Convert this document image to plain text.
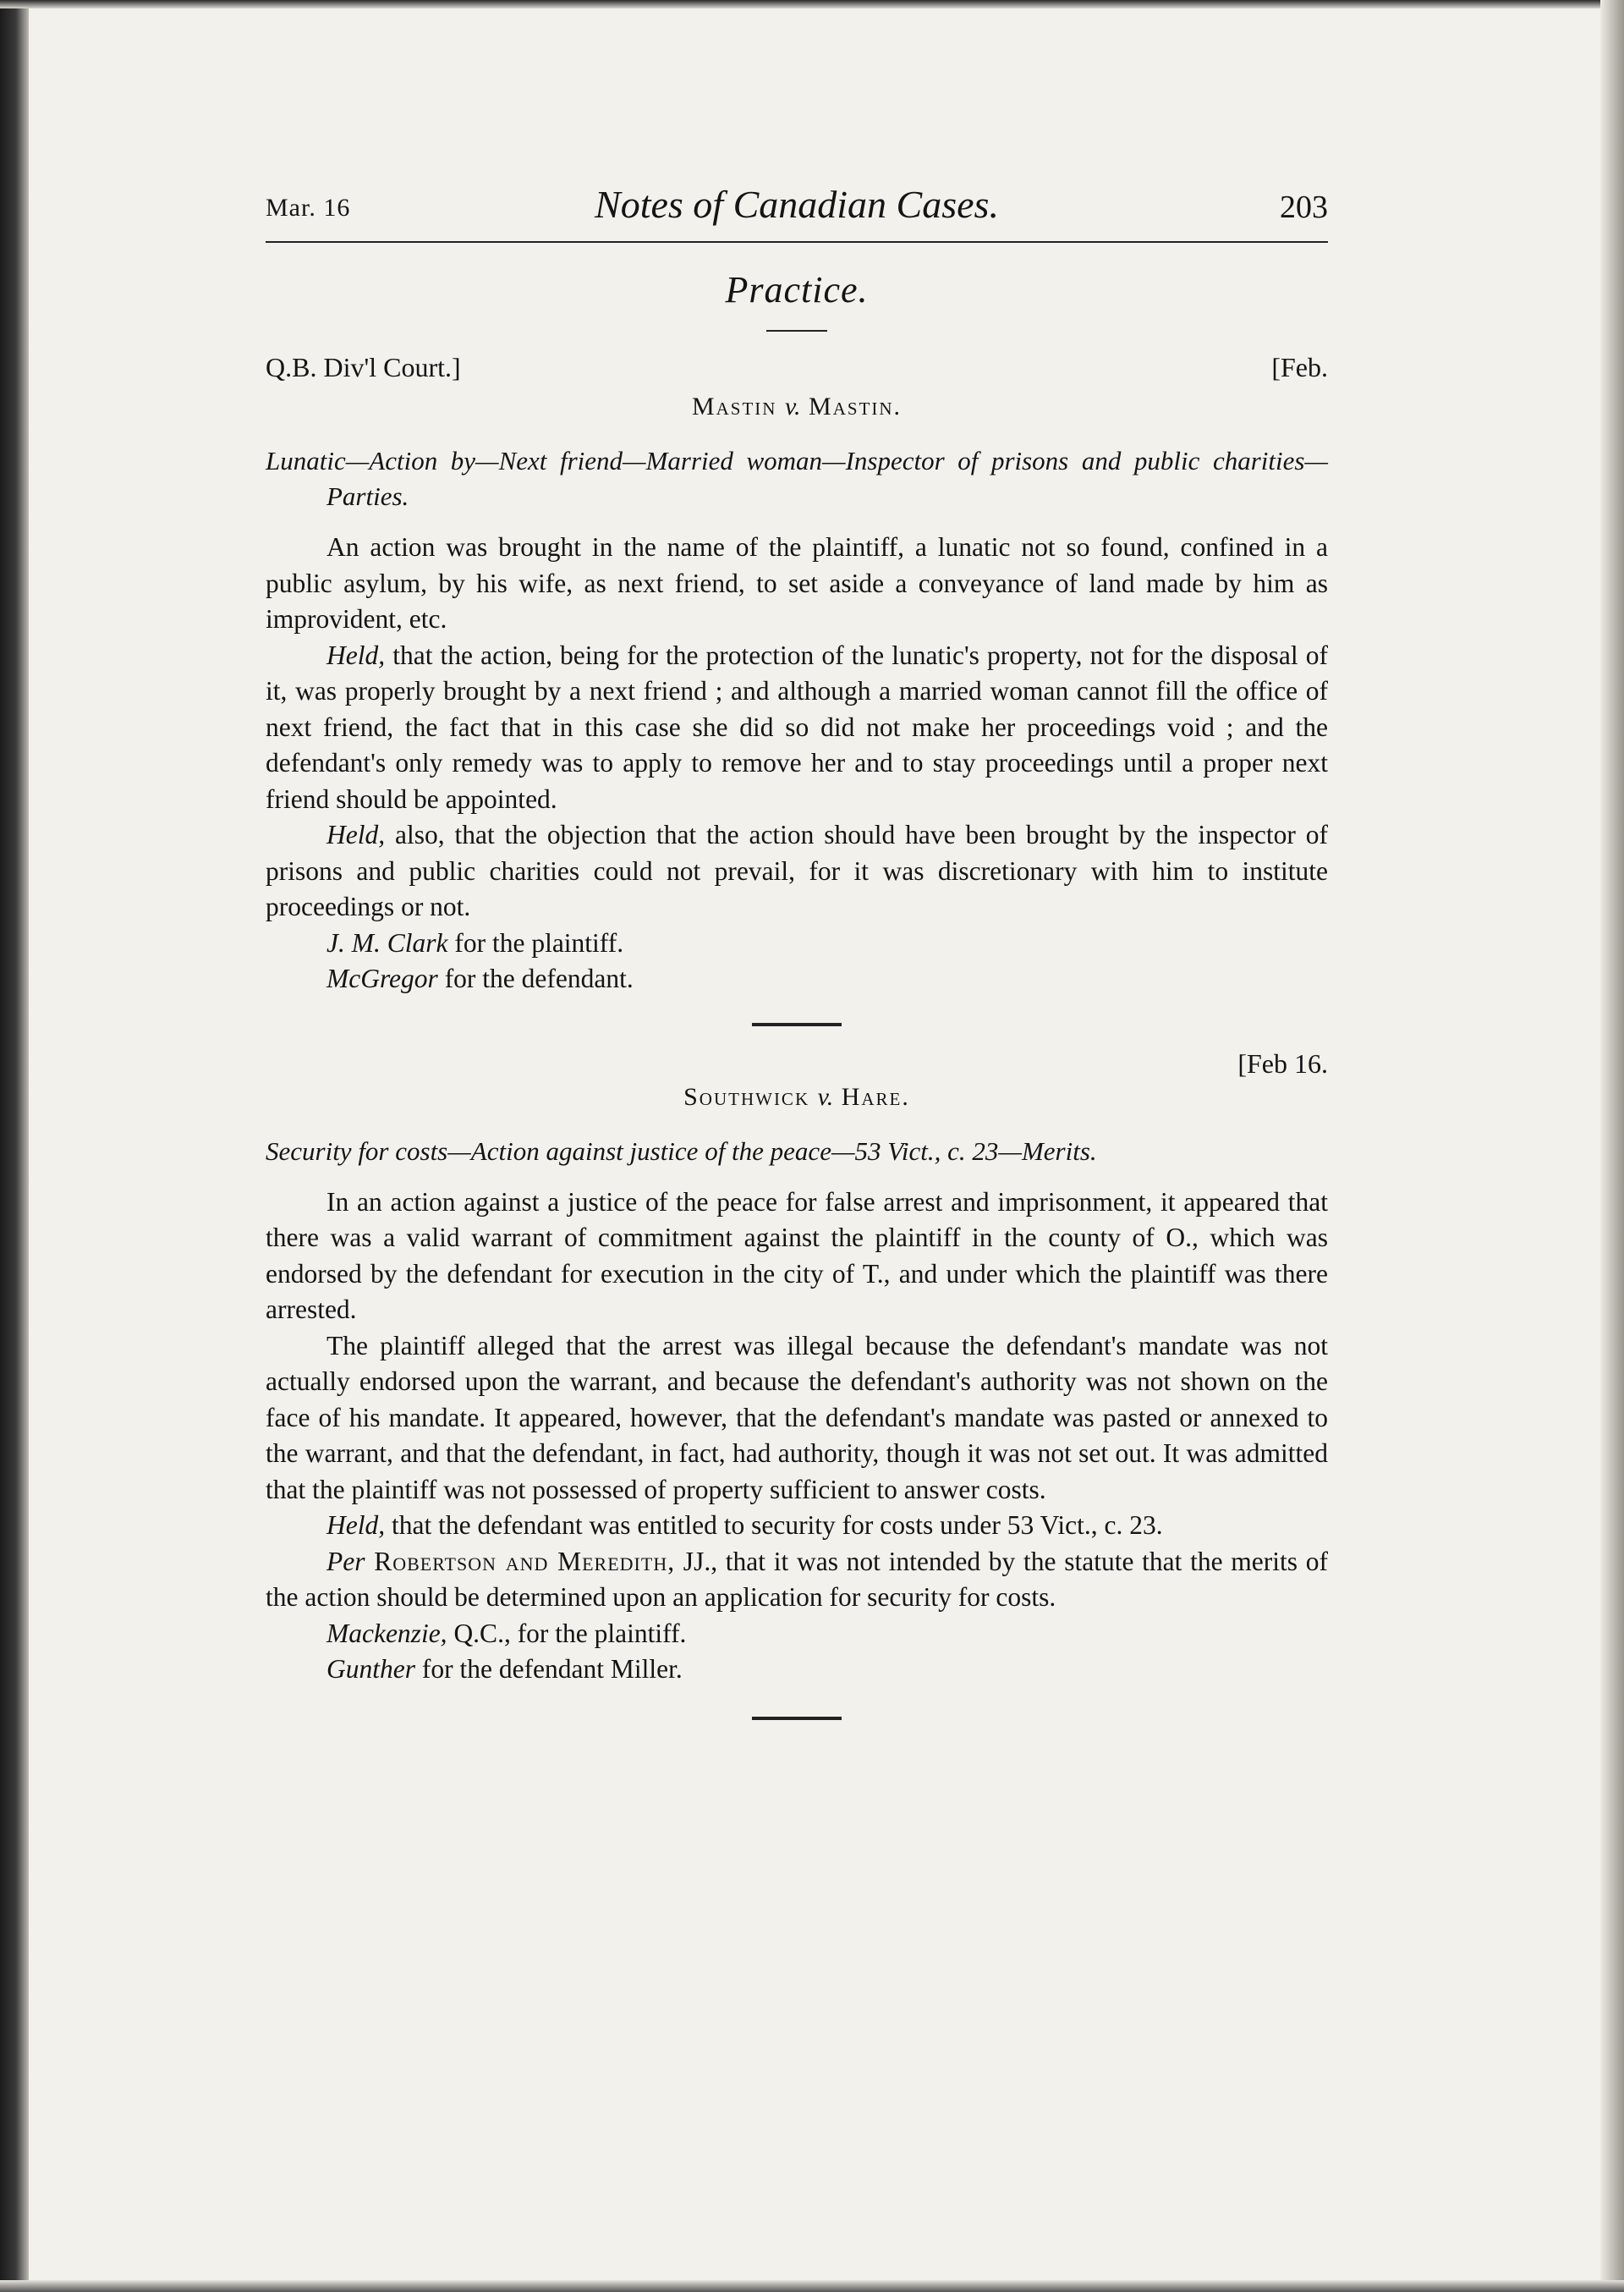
Mar. 16	Notes of Canadian Cases.	203
Practice.
Q.B. Div'l Court.]	[Feb.
Mastin v. Mastin.
Lunatic—Action by—Next friend—Married woman—Inspector of prisons and public charities—Parties.

An action was brought in the name of the plaintiff, a lunatic not so found, confined in a public asylum, by his wife, as next friend, to set aside a conveyance of land made by him as improvident, etc.

Held, that the action, being for the protection of the lunatic's property, not for the disposal of it, was properly brought by a next friend ; and although a married woman cannot fill the office of next friend, the fact that in this case she did so did not make her proceedings void ; and the defendant's only remedy was to apply to remove her and to stay proceedings until a proper next friend should be appointed.

Held, also, that the objection that the action should have been brought by the inspector of prisons and public charities could not prevail, for it was discretionary with him to institute proceedings or not.

J. M. Clark for the plaintiff.
McGregor for the defendant.
[Feb 16.
Southwick v. Hare.
Security for costs—Action against justice of the peace—53 Vict., c. 23—Merits.

In an action against a justice of the peace for false arrest and imprisonment, it appeared that there was a valid warrant of commitment against the plaintiff in the county of O., which was endorsed by the defendant for execution in the city of T., and under which the plaintiff was there arrested.

The plaintiff alleged that the arrest was illegal because the defendant's mandate was not actually endorsed upon the warrant, and because the defendant's authority was not shown on the face of his mandate. It appeared, however, that the defendant's mandate was pasted or annexed to the warrant, and that the defendant, in fact, had authority, though it was not set out. It was admitted that the plaintiff was not possessed of property sufficient to answer costs.

Held, that the defendant was entitled to security for costs under 53 Vict., c. 23.

Per Robertson and Meredith, JJ., that it was not intended by the statute that the merits of the action should be determined upon an application for security for costs.

Mackenzie, Q.C., for the plaintiff.
Gunther for the defendant Miller.
